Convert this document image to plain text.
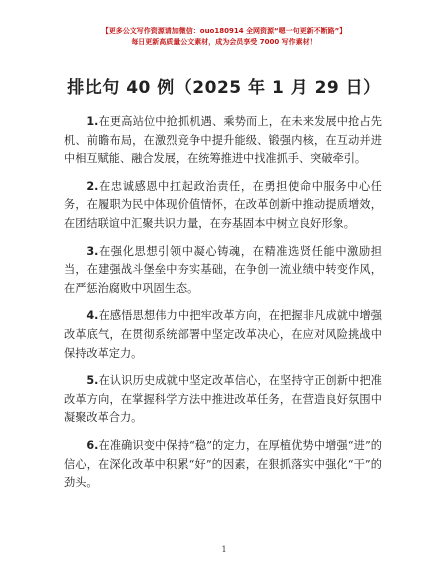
【更多公文写作资源请加微信：ouo180914 全网资源“嗯一句更新不断路”】
每日更新高质量公文素材，成为会员享受 7000 写作素材！
排比句 40 例（2025 年 1 月 29 日）

1.在更高站位中抢抓机遇、乘势而上，在未来发展中抢占先机、前瞻布局，在激烈竞争中提升能级、锻强内核，在互动并进中相互赋能、融合发展，在统筹推进中找准抓手、突破牵引。

2.在忠诚感恩中扛起政治责任，在勇担使命中服务中心任务，在履职为民中体现价值情怀，在改革创新中推动提质增效，在团结联谊中汇聚共识力量，在夯基固本中树立良好形象。

3.在强化思想引领中凝心铸魂，在精准选贤任能中激励担当，在建强战斗堡垒中夯实基础，在争创一流业绩中转变作风，在严惩治腐败中巩固生态。

4.在感悟思想伟力中把牢改革方向，在把握非凡成就中增强改革底气，在贯彻系统部署中坚定改革决心，在应对风险挑战中保持改革定力。

5.在认识历史成就中坚定改革信心，在坚持守正创新中把准改革方向，在掌握科学方法中推进改革任务，在营造良好氛围中凝聚改革合力。

6.在准确识变中保持“稳”的定力，在厚植优势中增强“进”的信心，在深化改革中积累“好”的因素，在狠抓落实中强化“干”的劲头。

1
